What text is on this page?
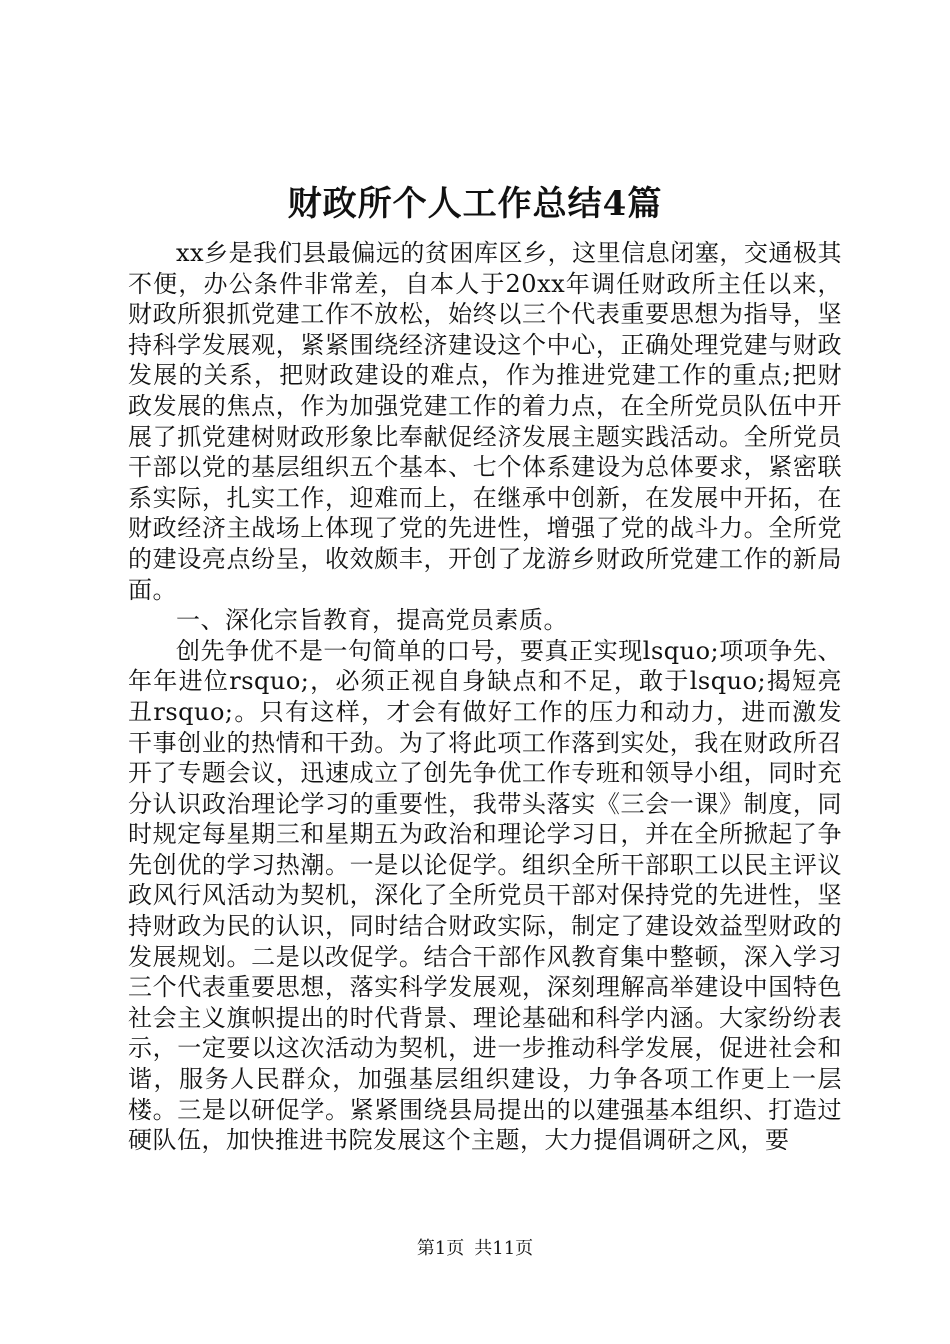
财政所个人工作总结4篇

xx乡是我们县最偏远的贫困库区乡，这里信息闭塞，交通极其不便，办公条件非常差，自本人于20xx年调任财政所主任以来，财政所狠抓党建工作不放松，始终以三个代表重要思想为指导，坚持科学发展观，紧紧围绕经济建设这个中心，正确处理党建与财政发展的关系，把财政建设的难点，作为推进党建工作的重点;把财政发展的焦点，作为加强党建工作的着力点，在全所党员队伍中开展了抓党建树财政形象比奉献促经济发展主题实践活动。全所党员干部以党的基层组织五个基本、七个体系建设为总体要求，紧密联系实际，扎实工作，迎难而上，在继承中创新，在发展中开拓，在财政经济主战场上体现了党的先进性，增强了党的战斗力。全所党的建设亮点纷呈，收效颇丰，开创了龙游乡财政所党建工作的新局面。

一、深化宗旨教育，提高党员素质。

创先争优不是一句简单的口号，要真正实现lsquo;项项争先、年年进位rsquo;，必须正视自身缺点和不足，敢于lsquo;揭短亮丑rsquo;。只有这样，才会有做好工作的压力和动力，进而激发干事创业的热情和干劲。为了将此项工作落到实处，我在财政所召开了专题会议，迅速成立了创先争优工作专班和领导小组，同时充分认识政治理论学习的重要性，我带头落实《三会一课》制度，同时规定每星期三和星期五为政治和理论学习日，并在全所掀起了争先创优的学习热潮。一是以论促学。组织全所干部职工以民主评议政风行风活动为契机，深化了全所党员干部对保持党的先进性，坚持财政为民的认识，同时结合财政实际，制定了建设效益型财政的发展规划。二是以改促学。结合干部作风教育集中整顿，深入学习三个代表重要思想，落实科学发展观，深刻理解高举建设中国特色社会主义旗帜提出的时代背景、理论基础和科学内涵。大家纷纷表示，一定要以这次活动为契机，进一步推动科学发展，促进社会和谐，服务人民群众，加强基层组织建设，力争各项工作更上一层楼。三是以研促学。紧紧围绕县局提出的以建强基本组织、打造过硬队伍，加快推进书院发展这个主题，大力提倡调研之风，要

第1页 共11页
